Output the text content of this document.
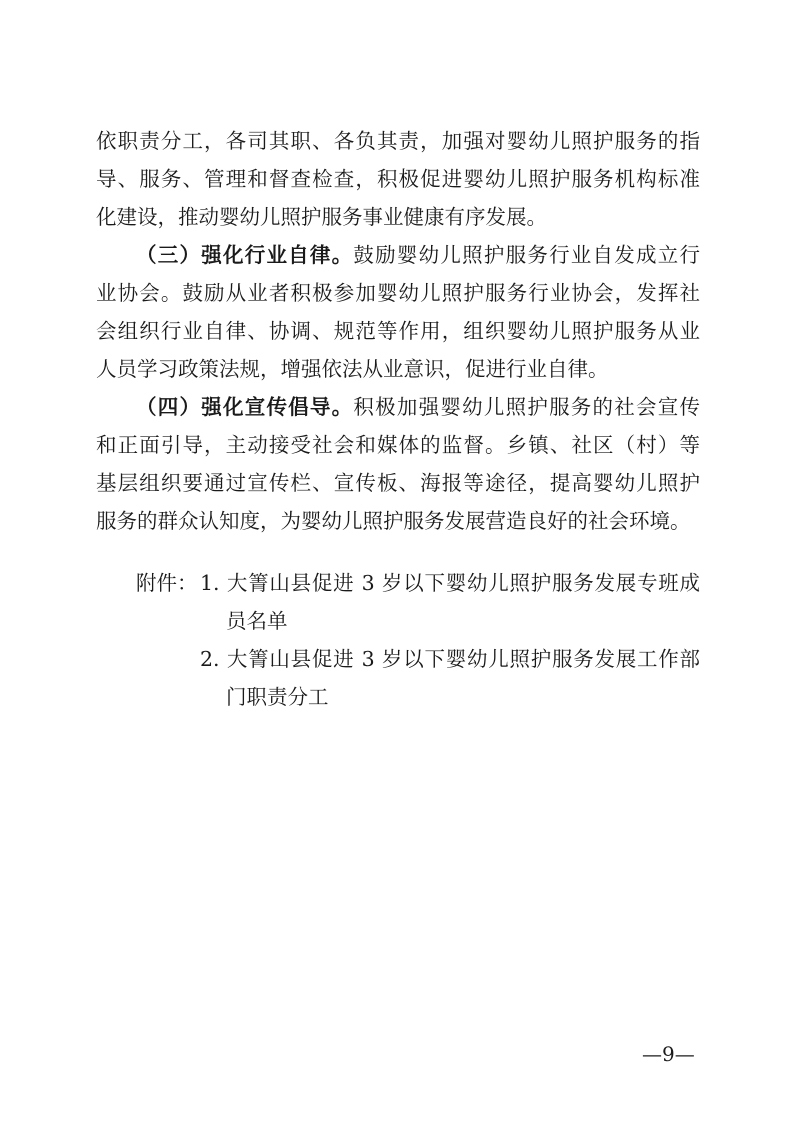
依职责分工，各司其职、各负其责，加强对婴幼儿照护服务的指
导、服务、管理和督查检查，积极促进婴幼儿照护服务机构标准
化建设，推动婴幼儿照护服务事业健康有序发展。
（三）强化行业自律。鼓励婴幼儿照护服务行业自发成立行
业协会。鼓励从业者积极参加婴幼儿照护服务行业协会，发挥社
会组织行业自律、协调、规范等作用，组织婴幼儿照护服务从业
人员学习政策法规，增强依法从业意识，促进行业自律。
（四）强化宣传倡导。积极加强婴幼儿照护服务的社会宣传
和正面引导，主动接受社会和媒体的监督。乡镇、社区（村）等
基层组织要通过宣传栏、宣传板、海报等途径，提高婴幼儿照护
服务的群众认知度，为婴幼儿照护服务发展营造良好的社会环境。
附件： 1. 大箐山县促进 3 岁以下婴幼儿照护服务发展专班成
员名单
2. 大箐山县促进 3 岁以下婴幼儿照护服务发展工作部
门职责分工
—9—
